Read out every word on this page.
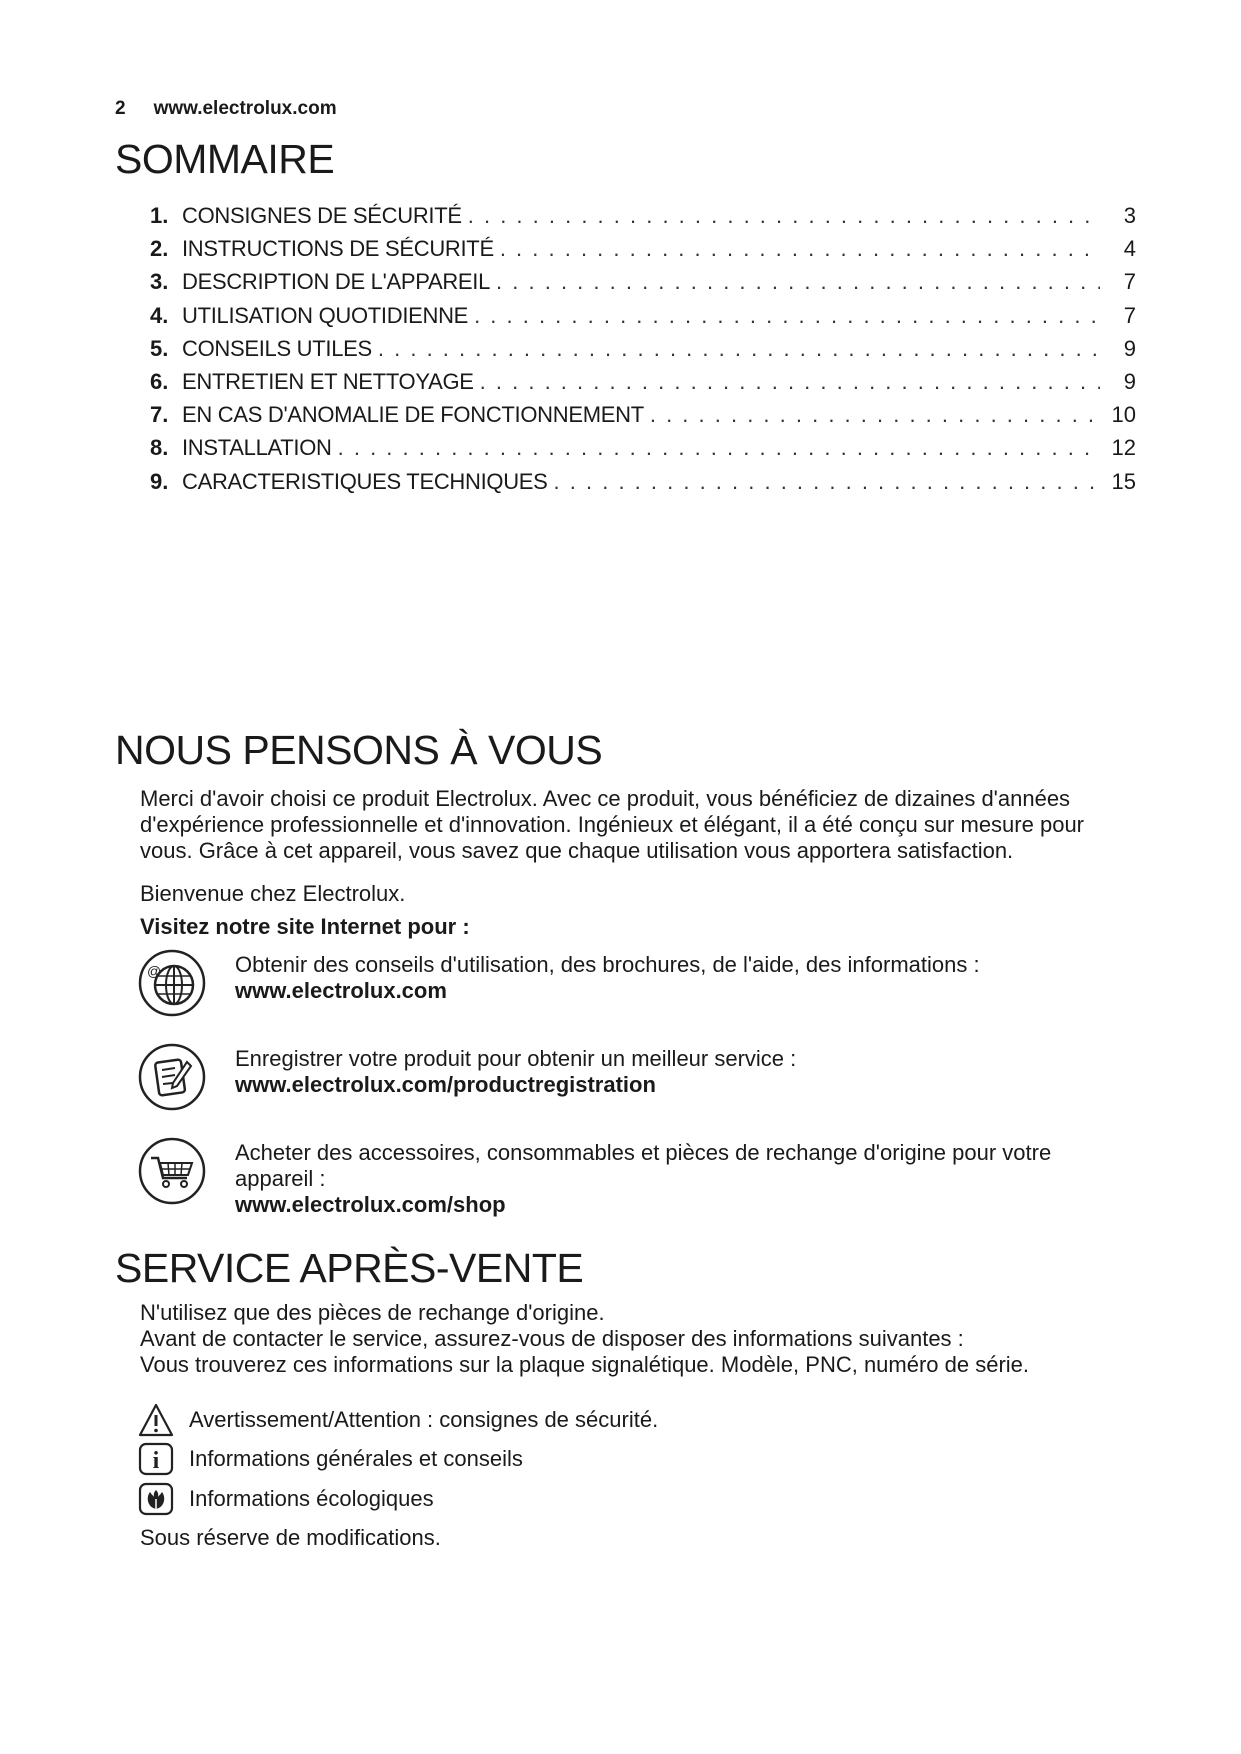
2 www.electrolux.com
SOMMAIRE
1. CONSIGNES DE SÉCURITÉ . . .	3
2. INSTRUCTIONS DE SÉCURITÉ . . .	4
3. DESCRIPTION DE L'APPAREIL . . .	7
4. UTILISATION QUOTIDIENNE . . .	7
5. CONSEILS UTILES . . .	9
6. ENTRETIEN ET NETTOYAGE . . .	9
7. EN CAS D'ANOMALIE DE FONCTIONNEMENT . . .	10
8. INSTALLATION . . .	12
9. CARACTERISTIQUES TECHNIQUES . . .	15
NOUS PENSONS À VOUS
Merci d'avoir choisi ce produit Electrolux. Avec ce produit, vous bénéficiez de dizaines d'années
d'expérience professionnelle et d'innovation. Ingénieux et élégant, il a été conçu sur mesure pour
vous. Grâce à cet appareil, vous savez que chaque utilisation vous apportera satisfaction.
Bienvenue chez Electrolux.
Visitez notre site Internet pour :
@	Obtenir des conseils d'utilisation, des brochures, de l'aide, des informations :
www.electrolux.com
Enregistrer votre produit pour obtenir un meilleur service :
www.electrolux.com/productregistration
Acheter des accessoires, consommables et pièces de rechange d'origine pour votre
appareil :
www.electrolux.com/shop
SERVICE APRÈS-VENTE
N'utilisez que des pièces de rechange d'origine.
Avant de contacter le service, assurez-vous de disposer des informations suivantes :
Vous trouverez ces informations sur la plaque signalétique. Modèle, PNC, numéro de série.
Avertissement/Attention : consignes de sécurité.
i Informations générales et conseils
Informations écologiques
Sous réserve de modifications.
